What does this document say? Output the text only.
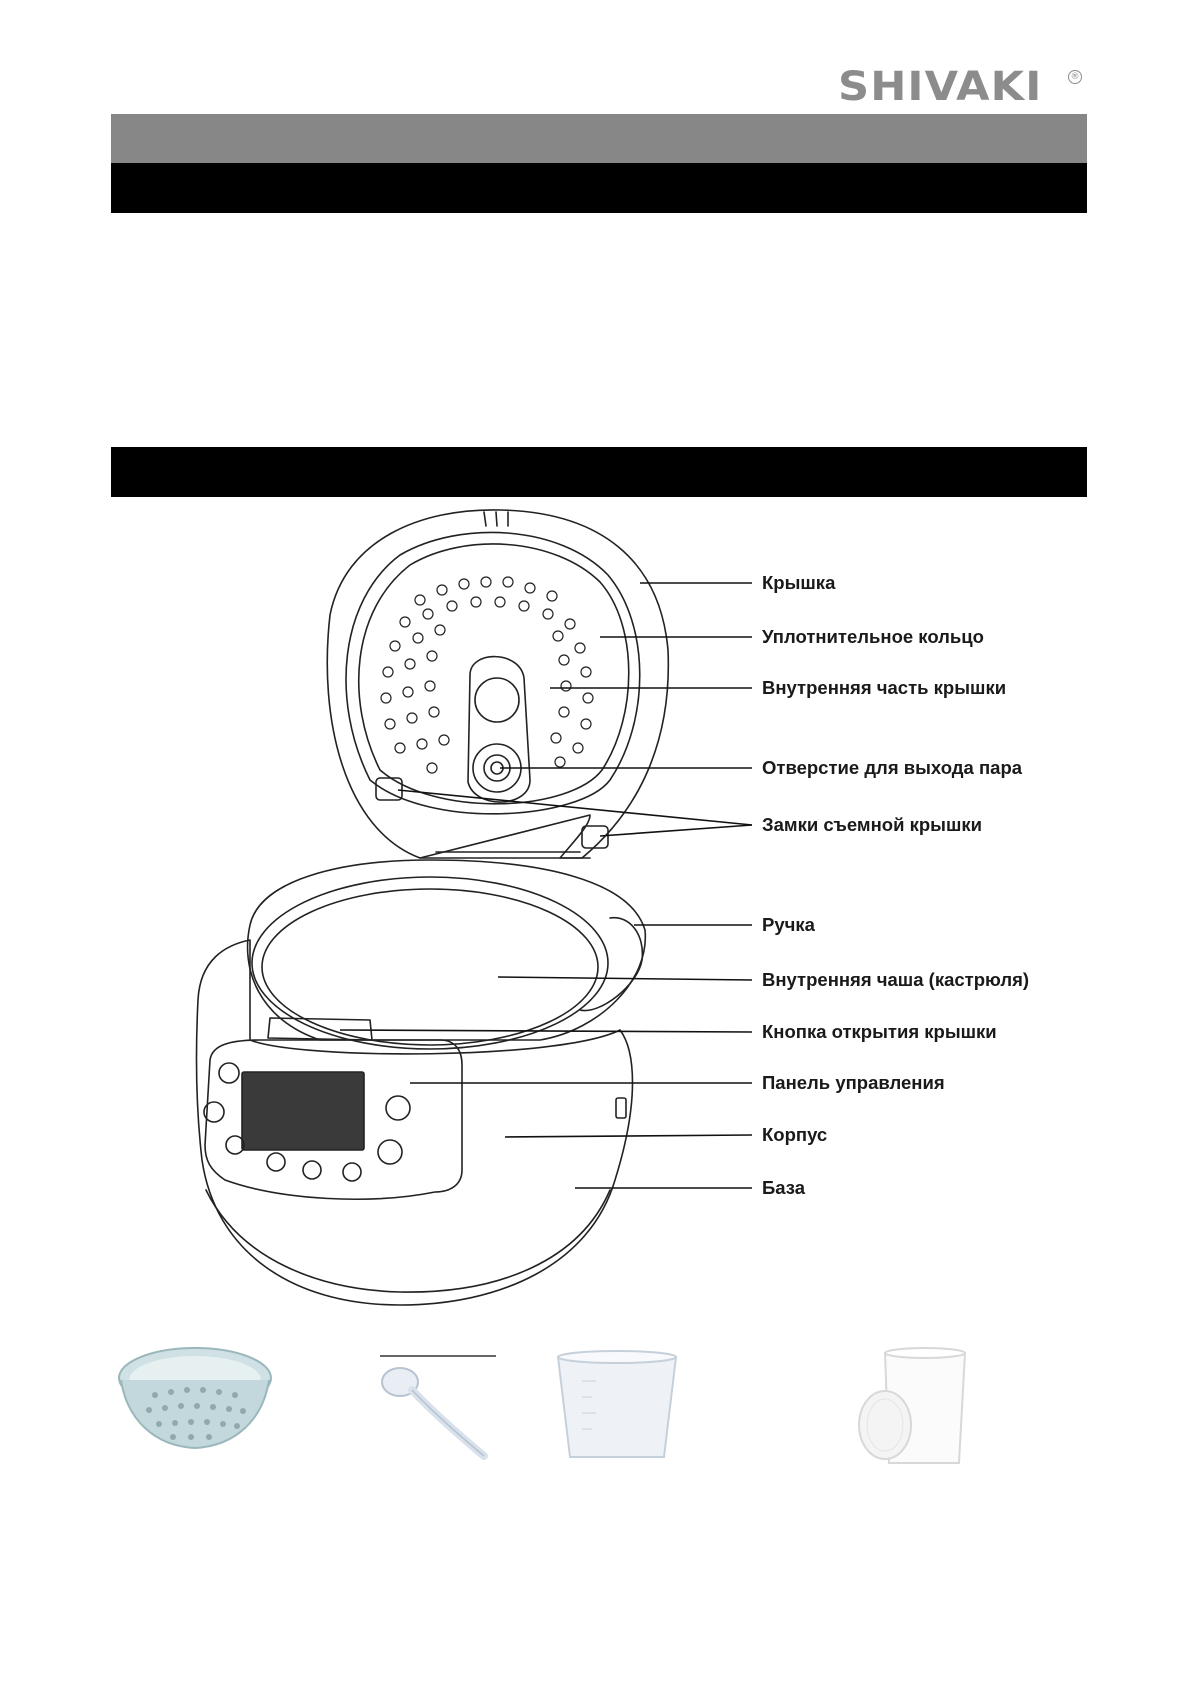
SHIVAKI	®
Крышка
Уплотнительное кольцо
Внутренняя часть крышки
Отверстие для выхода пара
Замки съемной крышки
Ручка
Внутренняя чаша (кастрюля)
Кнопка открытия крышки
Панель управления
Корпус
База
